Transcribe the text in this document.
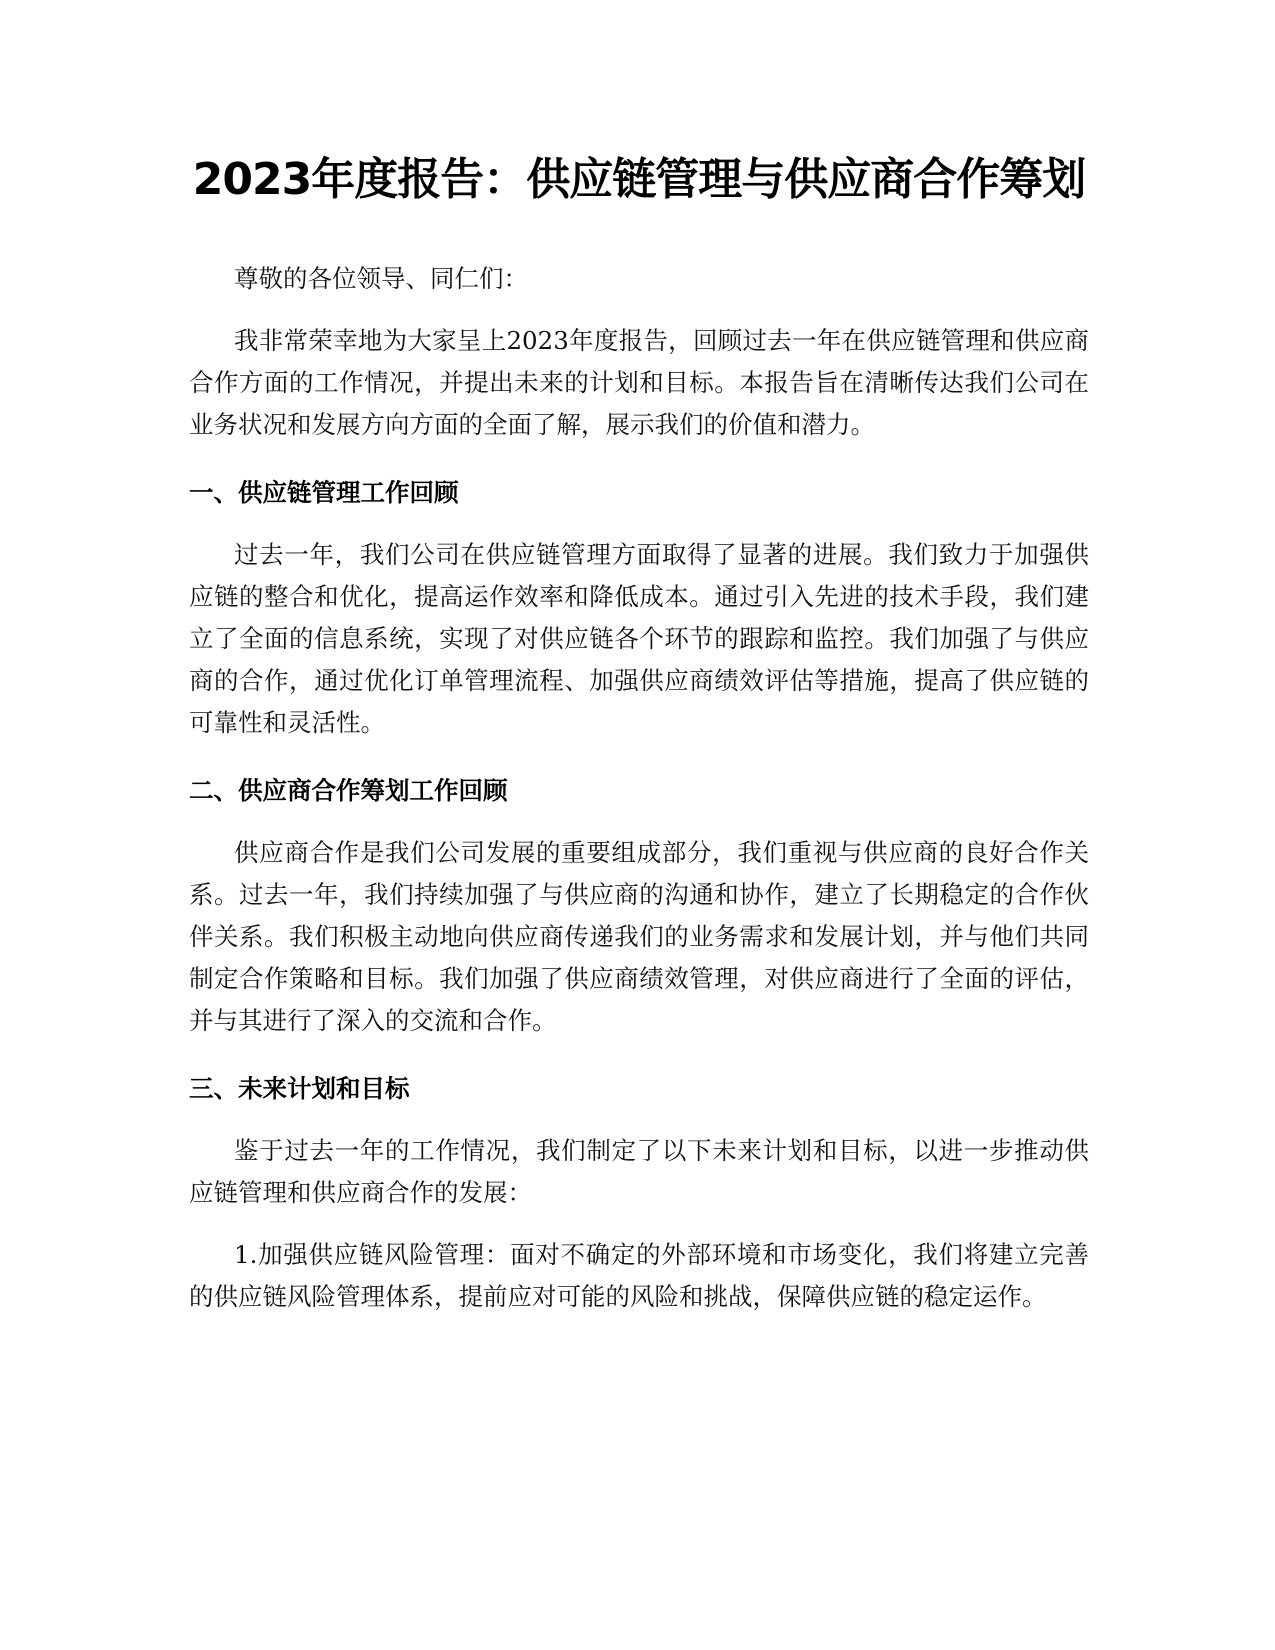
2023年度报告：供应链管理与供应商合作筹划

尊敬的各位领导、同仁们：

我非常荣幸地为大家呈上2023年度报告，回顾过去一年在供应链管理和供应商合作方面的工作情况，并提出未来的计划和目标。本报告旨在清晰传达我们公司在业务状况和发展方向方面的全面了解，展示我们的价值和潜力。

一、供应链管理工作回顾

过去一年，我们公司在供应链管理方面取得了显著的进展。我们致力于加强供应链的整合和优化，提高运作效率和降低成本。通过引入先进的技术手段，我们建立了全面的信息系统，实现了对供应链各个环节的跟踪和监控。我们加强了与供应商的合作，通过优化订单管理流程、加强供应商绩效评估等措施，提高了供应链的可靠性和灵活性。

二、供应商合作筹划工作回顾

供应商合作是我们公司发展的重要组成部分，我们重视与供应商的良好合作关系。过去一年，我们持续加强了与供应商的沟通和协作，建立了长期稳定的合作伙伴关系。我们积极主动地向供应商传递我们的业务需求和发展计划，并与他们共同制定合作策略和目标。我们加强了供应商绩效管理，对供应商进行了全面的评估，并与其进行了深入的交流和合作。

三、未来计划和目标

鉴于过去一年的工作情况，我们制定了以下未来计划和目标，以进一步推动供应链管理和供应商合作的发展：

1.加强供应链风险管理：面对不确定的外部环境和市场变化，我们将建立完善的供应链风险管理体系，提前应对可能的风险和挑战，保障供应链的稳定运作。
